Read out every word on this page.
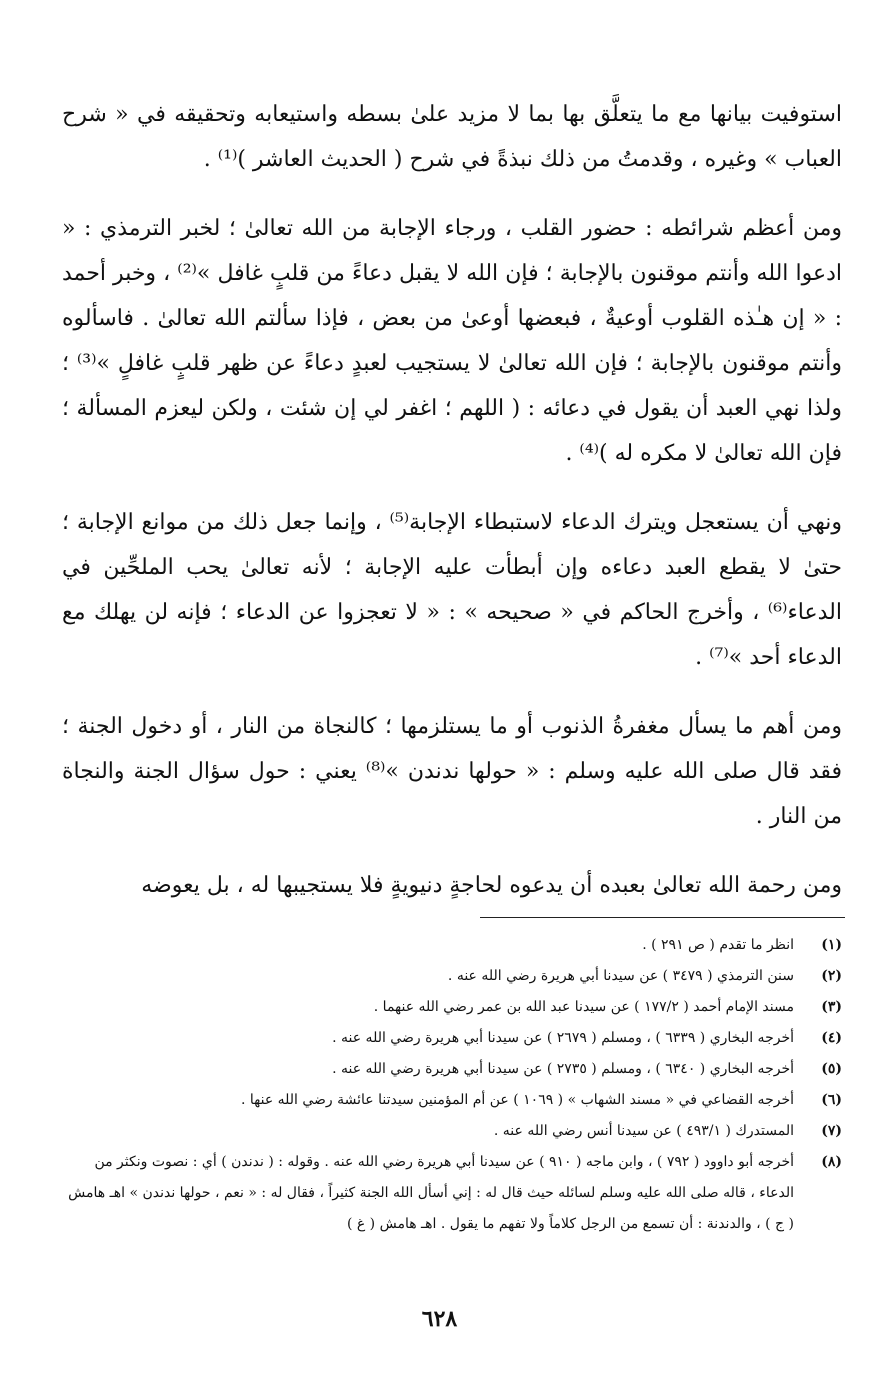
استوفيت بيانها مع ما يتعلَّق بها بما لا مزيد علىٰ بسطه واستيعابه وتحقيقه في « شرح العباب » وغيره ، وقدمتُ من ذلك نبذةً في شرح ( الحديث العاشر )⁽¹⁾ .

ومن أعظم شرائطه : حضور القلب ، ورجاء الإجابة من الله تعالىٰ ؛ لخبر الترمذي : « ادعوا الله وأنتم موقنون بالإجابة ؛ فإن الله لا يقبل دعاءً من قلبٍ غافل »⁽²⁾ ، وخبر أحمد : « إن هـٰذه القلوب أوعيةٌ ، فبعضها أوعىٰ من بعض ، فإذا سألتم الله تعالىٰ . فاسألوه وأنتم موقنون بالإجابة ؛ فإن الله تعالىٰ لا يستجيب لعبدٍ دعاءً عن ظهر قلبٍ غافلٍ »⁽³⁾ ؛ ولذا نهي العبد أن يقول في دعائه : ( اللهم ؛ اغفر لي إن شئت ، ولكن ليعزم المسألة ؛ فإن الله تعالىٰ لا مكره له )⁽⁴⁾ .

ونهي أن يستعجل ويترك الدعاء لاستبطاء الإجابة⁽⁵⁾ ، وإنما جعل ذلك من موانع الإجابة ؛ حتىٰ لا يقطع العبد دعاءه وإن أبطأت عليه الإجابة ؛ لأنه تعالىٰ يحب الملحِّين في الدعاء⁽⁶⁾ ، وأخرج الحاكم في « صحيحه » : « لا تعجزوا عن الدعاء ؛ فإنه لن يهلك مع الدعاء أحد »⁽⁷⁾ .

ومن أهم ما يسأل مغفرةُ الذنوب أو ما يستلزمها ؛ كالنجاة من النار ، أو دخول الجنة ؛ فقد قال صلى الله عليه وسلم : « حولها ندندن »⁽⁸⁾ يعني : حول سؤال الجنة والنجاة من النار .

ومن رحمة الله تعالىٰ بعبده أن يدعوه لحاجةٍ دنيويةٍ فلا يستجيبها له ، بل يعوضه

(١)
انظر ما تقدم ( ص ٢٩١ ) .
(٢)
سنن الترمذي ( ٣٤٧٩ ) عن سيدنا أبي هريرة رضي الله عنه .
(٣)
مسند الإمام أحمد ( ١٧٧/٢ ) عن سيدنا عبد الله بن عمر رضي الله عنهما .
(٤)
أخرجه البخاري ( ٦٣٣٩ ) ، ومسلم ( ٢٦٧٩ ) عن سيدنا أبي هريرة رضي الله عنه .
(٥)
أخرجه البخاري ( ٦٣٤٠ ) ، ومسلم ( ٢٧٣٥ ) عن سيدنا أبي هريرة رضي الله عنه .
(٦)
أخرجه القضاعي في « مسند الشهاب » ( ١٠٦٩ ) عن أم المؤمنين سيدتنا عائشة رضي الله عنها .
(٧)
المستدرك ( ٤٩٣/١ ) عن سيدنا أنس رضي الله عنه .
(٨)
أخرجه أبو داوود ( ٧٩٢ ) ، وابن ماجه ( ٩١٠ ) عن سيدنا أبي هريرة رضي الله عنه . وقوله : ( ندندن ) أي : نصوت ونكثر من الدعاء ، قاله صلى الله عليه وسلم لسائله حيث قال له : إني أسأل الله الجنة كثيراً ، فقال له : « نعم ، حولها ندندن » اهـ هامش ( ج ) ، والدندنة : أن تسمع من الرجل كلاماً ولا تفهم ما يقول . اهـ هامش ( غ )
٦٢٨
